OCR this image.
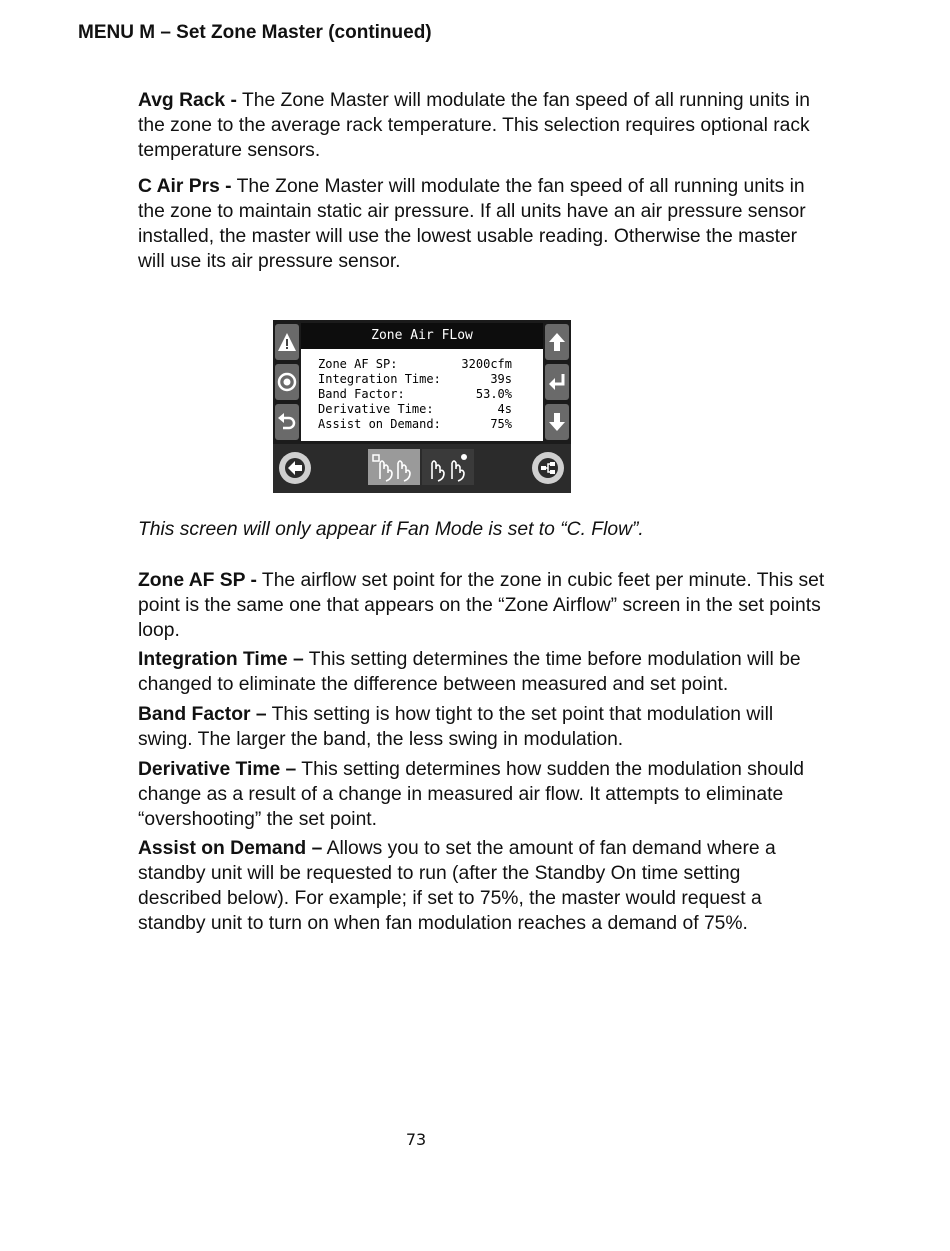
MENU M – Set Zone Master (continued)

Avg Rack - The Zone Master will modulate the fan speed of all running units in the zone to the average rack temperature. This selection requires optional rack temperature sensors.

C Air Prs - The Zone Master will modulate the fan speed of all running units in the zone to maintain static air pressure. If all units have an air pressure sensor installed, the master will use the lowest usable reading. Otherwise the master will use its air pressure sensor.

Zone Air FLow
Zone AF SP:	3200cfm
Integration Time:	39s
Band Factor:	53.0%
Derivative Time:	4s
Assist on Demand:	75%

This screen will only appear if Fan Mode is set to “C. Flow”.

Zone AF SP - The airflow set point for the zone in cubic feet per minute. This set point is the same one that appears on the “Zone Airflow” screen in the set points loop.

Integration Time – This setting determines the time before modulation will be changed to eliminate the difference between measured and set point.

Band Factor – This setting is how tight to the set point that modulation will swing. The larger the band, the less swing in modulation.

Derivative Time – This setting determines how sudden the modulation should change as a result of a change in measured air flow. It attempts to eliminate “overshooting” the set point.

Assist on Demand – Allows you to set the amount of fan demand where a standby unit will be requested to run (after the Standby On time setting described below). For example; if set to 75%, the master would request a standby unit to turn on when fan modulation reaches a demand of 75%.

73
